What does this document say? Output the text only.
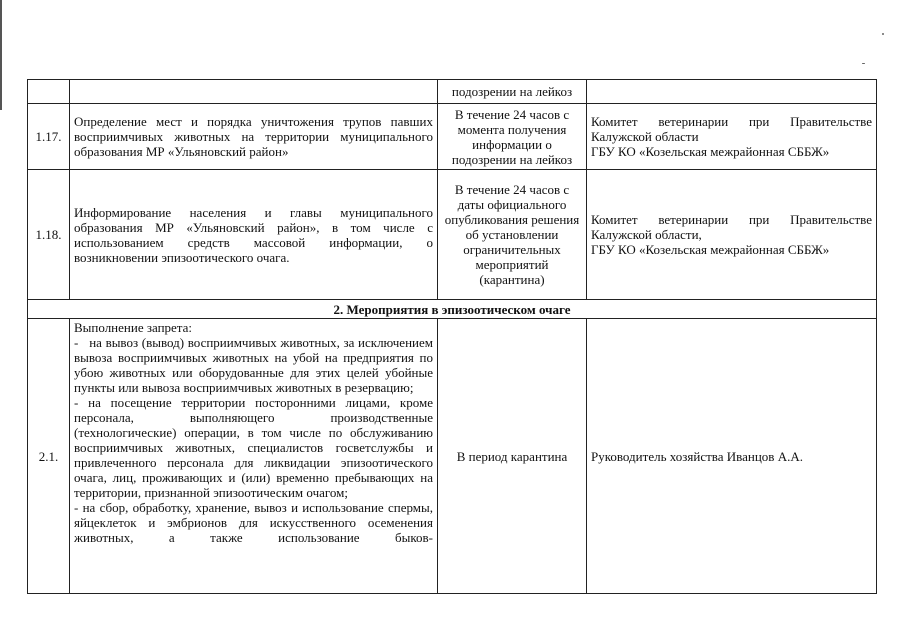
		подозрении на лейкоз	
1.17.	Определение мест и порядка уничтожения трупов павших восприимчивых животных на территории муниципального образования МР «Ульяновский район»	В течение 24 часов с момента получения информации о подозрении на лейкоз	Комитет ветеринарии при Правительстве Калужской области
ГБУ КО «Козельская межрайонная СББЖ»

1.18.	Информирование населения и главы муниципального образования МР «Ульяновский район», в том числе с использованием средств массовой информации, о возникновении эпизоотического очага.	В течение 24 часов с даты официального опубликования решения об установлении ограничительных мероприятий (карантина)	Комитет ветеринарии при Правительстве Калужской области,
ГБУ КО «Козельская межрайонная СББЖ»

2. Мероприятия в эпизоотическом очаге			
2.1.	Выполнение запрета:
-   на вывоз (вывод) восприимчивых животных, за исключением вывоза восприимчивых животных на убой на предприятия по убою животных или оборудованные для этих целей убойные пункты или вывоза восприимчивых животных в резервацию;
- на посещение территории посторонними лицами, кроме персонала, выполняющего производственные (технологические) операции, в том числе по обслуживанию восприимчивых животных, специалистов госветслужбы и привлеченного персонала для ликвидации эпизоотического очага, лиц, проживающих и (или) временно пребывающих на территории, признанной эпизоотическим очагом;
- на сбор, обработку, хранение, вывоз и использование спермы, яйцеклеток и эмбрионов для искусственного осеменения животных, а также использование быков-	В период карантина	Руководитель хозяйства Иванцов А.А.
